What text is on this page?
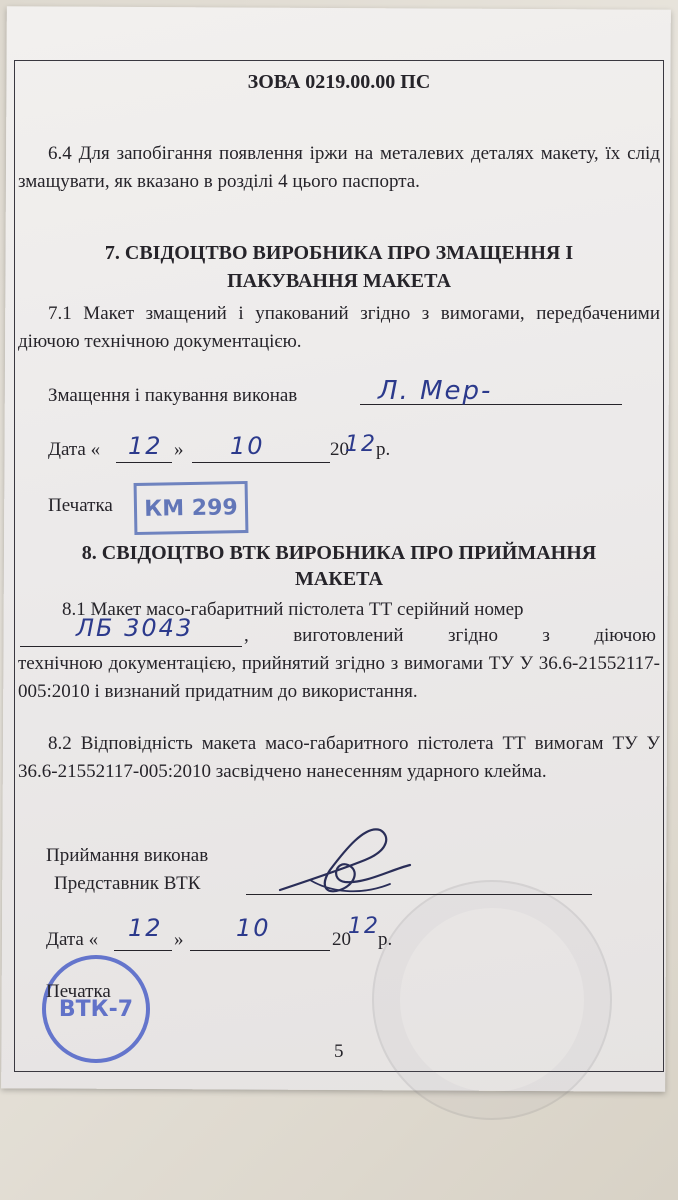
ЗОВА 0219.00.00 ПС
6.4 Для запобігання появлення іржи на металевих деталях макету, їх слід змащувати, як вказано в розділі 4 цього паспорта.
7. СВІДОЦТВО ВИРОБНИКА ПРО ЗМАЩЕННЯ І
ПАКУВАННЯ МАКЕТА
7.1 Макет змащений і упакований згідно з вимогами, передбаченими діючою технічною документацією.
Змащення і пакування виконав	Л. Мер-
Дата « 12 » 10	20
12 р.
Печатка	КМ 299
8. СВІДОЦТВО ВТК ВИРОБНИКА ПРО ПРИЙМАННЯ
МАКЕТА
8.1 Макет масо-габаритний пістолета ТТ серійний номер
ЛБ 3043	, виготовлений згідно з діючою
технічною документацією, прийнятий згідно з вимогами ТУ У 36.6-21552117-005:2010 і визнаний придатним до використання.
8.2 Відповідність макета масо-габаритного пістолета ТТ вимогам ТУ У 36.6-21552117-005:2010 засвідчено нанесенням ударного клейма.
Приймання виконав
Представник ВТК
Дата « 12 » 10	20
12
р.
ВТК-7
Печатка
5
